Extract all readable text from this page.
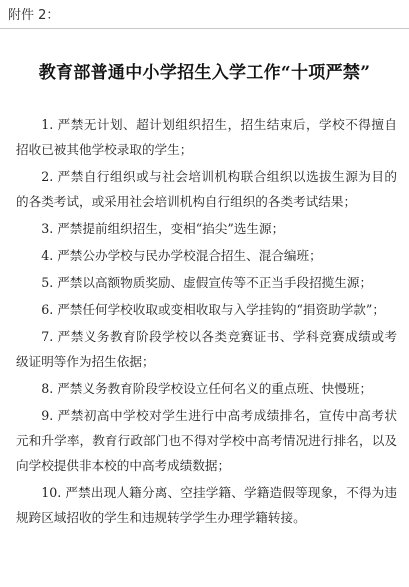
附件 2：
教育部普通中小学招生入学工作“十项严禁”

1. 严禁无计划、超计划组织招生，招生结束后，学校不得擅自招收已被其他学校录取的学生；

2. 严禁自行组织或与社会培训机构联合组织以选拔生源为目的的各类考试，或采用社会培训机构自行组织的各类考试结果；

3. 严禁提前组织招生，变相“掐尖”选生源；

4. 严禁公办学校与民办学校混合招生、混合编班；

5. 严禁以高额物质奖励、虚假宣传等不正当手段招揽生源；

6. 严禁任何学校收取或变相收取与入学挂钩的“捐资助学款”；

7. 严禁义务教育阶段学校以各类竞赛证书、学科竞赛成绩或考级证明等作为招生依据；

8. 严禁义务教育阶段学校设立任何名义的重点班、快慢班；

9. 严禁初高中学校对学生进行中高考成绩排名，宣传中高考状元和升学率，教育行政部门也不得对学校中高考情况进行排名，以及向学校提供非本校的中高考成绩数据；

10. 严禁出现人籍分离、空挂学籍、学籍造假等现象，不得为违规跨区域招收的学生和违规转学学生办理学籍转接。
